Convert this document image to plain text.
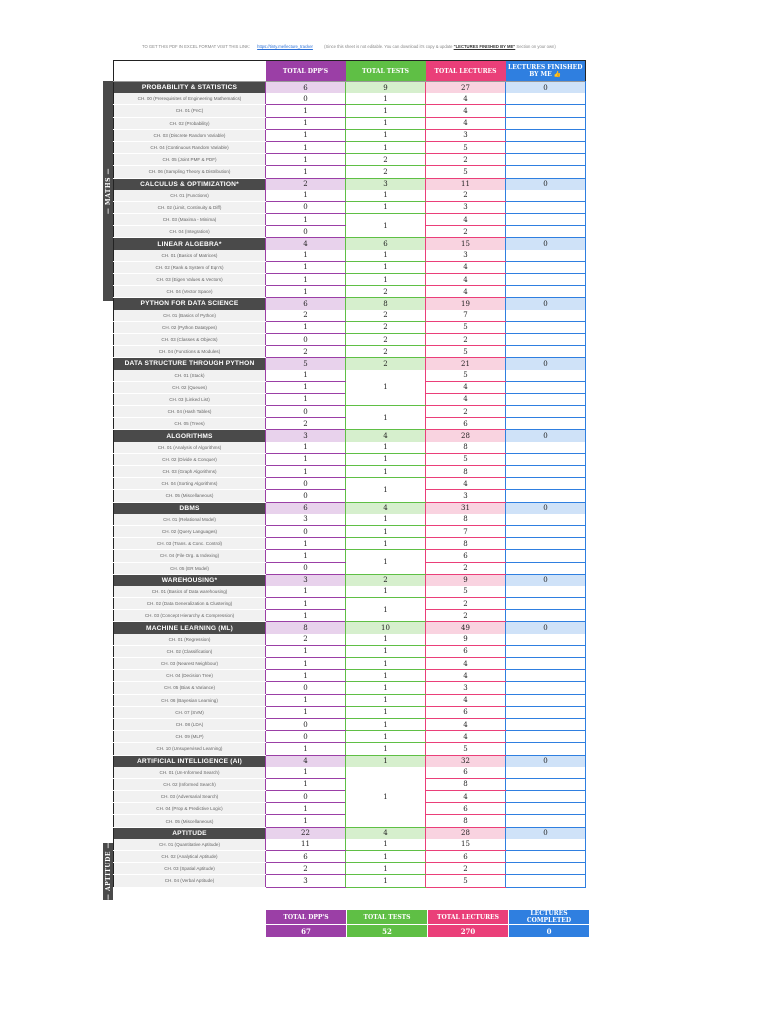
TO GET THIS PDF IN EXCEL FORMAT VISIT THIS LINK: https://tinty.me/lecture_tracker	(Since this sheet is not editable. You can download it's copy & update "LECTURES FINISHED BY ME" Section on your own)
— MATHS —
— APTITUDE —
	TOTAL DPP'S	TOTAL TESTS	TOTAL LECTURES	LECTURES FINISHED BY ME 👍
PROBABILITY & STATISTICS	6	9	27	0
CH. 00 (Prerequisites of Engineering Mathematics)	0	1	4	
CH. 01 (PnC)	1	1	4	
CH. 02 (Probability)	1	1	4	
CH. 03 (Discrete Random Variable)	1	1	3	
CH. 04 (Continuous Random Variable)	1	1	5	
CH. 05 (Joint PMF & PDF)	1	2	2	
CH. 06 (Sampling Theory & Distribution)	1	2	5	
CALCULUS & OPTIMIZATION*	2	3	11	0
CH. 01 (Functions)	1	1	2	
CH. 02 (Limit, Continuity & Diff)	0	1	3	
CH. 03 (Maxima - Minima)	1	1	4	
CH. 04 (Integration)	0		2	
LINEAR ALGEBRA*	4	6	15	0
CH. 01 (Basics of Matrices)	1	1	3	
CH. 02 (Rank & System of Eqn's)	1	1	4	
CH. 03 (Eigen Values & Vectors)	1	1	4	
CH. 04 (Vector Space)	1	2	4	
PYTHON FOR DATA SCIENCE	6	8	19	0
CH. 01 (Basics of Python)	2	2	7	
CH. 02 (Python Datatypes)	1	2	5	
CH. 03 (Classes & Objects)	0	2	2	
CH. 04 (Functions & Modules)	2	2	5	
DATA STRUCTURE THROUGH PYTHON	5	2	21	0
CH. 01 (Stack)	1	1	5	
CH. 02 (Queues)	1		4	
CH. 03 (Linked List)	1		4	
CH. 04 (Hash Tables)	0	1	2	
CH. 05 (Trees)	2		6	
ALGORITHMS	3	4	28	0
CH. 01 (Analysis of Algorithms)	1	1	8	
CH. 02 (Divide & Conquer)	1	1	5	
CH. 03 (Graph Algorithms)	1	1	8	
CH. 04 (Sorting Algorithms)	0	1	4	
CH. 05 (Miscellaneous)	0		3	
DBMS	6	4	31	0
CH. 01 (Relational Model)	3	1	8	
CH. 02 (Query Languages)	0	1	7	
CH. 03 (Trans. & Conc. Control)	1	1	8	
CH. 04 (File Org. & Indexing)	1	1	6	
CH. 05 (ER Model)	0		2	
WAREHOUSING*	3	2	9	0
CH. 01 (Basics of Data warehousing)	1	1	5	
CH. 02 (Data Generalization & Clustering)	1	1	2	
CH. 03 (Concept Hierarchy & Compression)	1		2	
MACHINE LEARNING (ML)	8	10	49	0
CH. 01 (Regression)	2	1	9	
CH. 02 (Classification)	1	1	6	
CH. 03 (Nearest Neighbour)	1	1	4	
CH. 04 (Decision Tree)	1	1	4	
CH. 05 (Bias & Variance)	0	1	3	
CH. 06 (Bayesian Learning)	1	1	4	
CH. 07 (SVM)	1	1	6	
CH. 08 (LDA)	0	1	4	
CH. 09 (MLP)	0	1	4	
CH. 10 (Unsupervised Learning)	1	1	5	
ARTIFICIAL INTELLIGENCE (AI)	4	1	32	0
CH. 01 (Un-Informed Search)	1	1	6	
CH. 02 (Informed Search)	1		8	
CH. 03 (Adversarial Search)	0		4	
CH. 04 (Prop & Predictive Logic)	1		6	
CH. 05 (Miscellaneous)	1		8	
APTITUDE	22	4	28	0
CH. 01 (Quantitative Aptitude)	11	1	15	
CH. 02 (Analytical Aptitude)	6	1	6	
CH. 03 (Spatial Aptitude)	2	1	2	
CH. 04 (Verbal Aptitude)	3	1	5	
TOTAL DPP'S	TOTAL TESTS	TOTAL LECTURES	LECTURES COMPLETED
67	52	270	0
